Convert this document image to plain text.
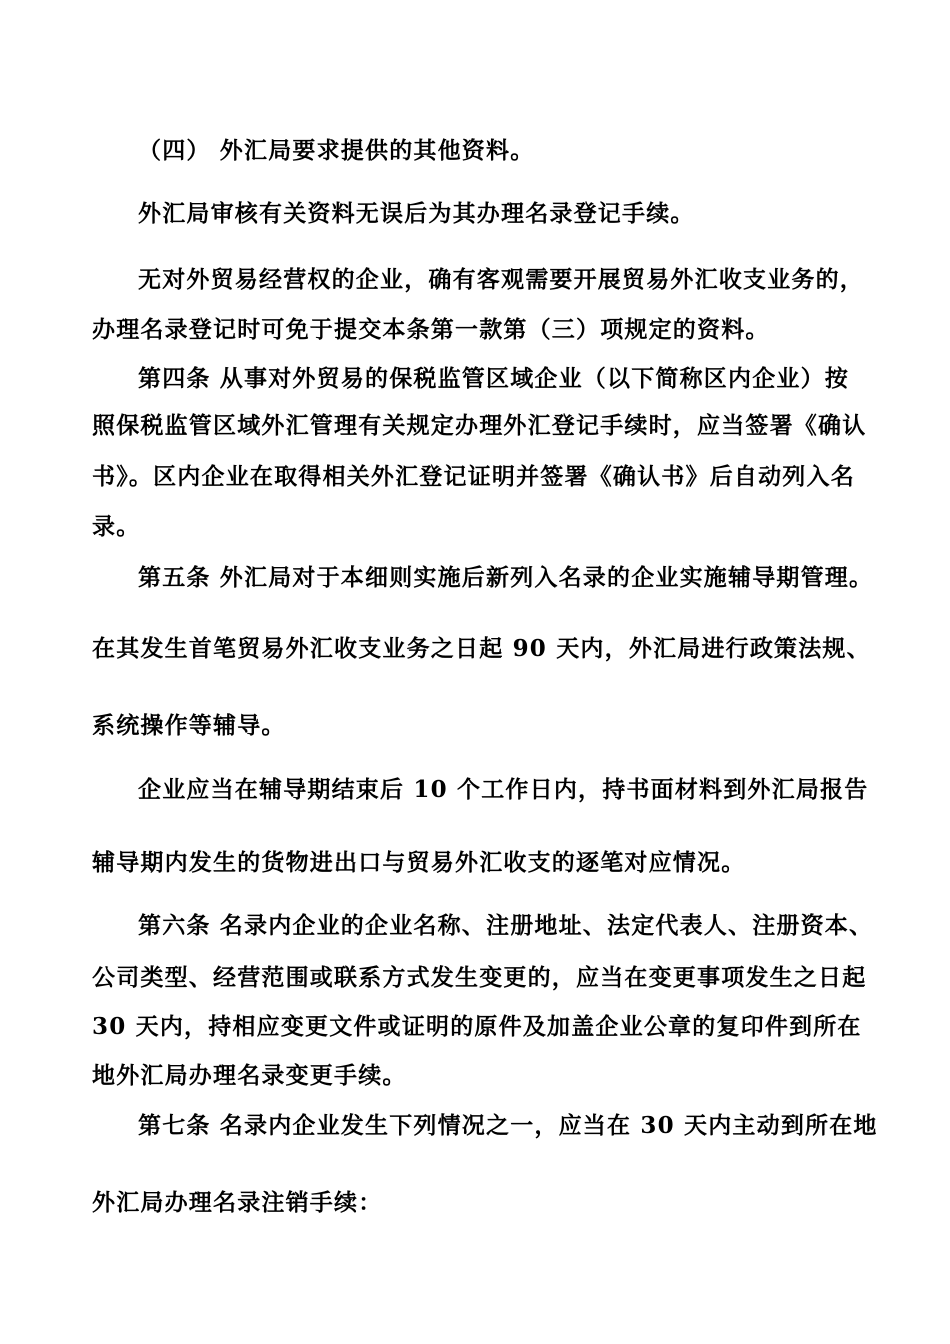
（四） 外汇局要求提供的其他资料。
外汇局审核有关资料无误后为其办理名录登记手续。
无对外贸易经营权的企业，确有客观需要开展贸易外汇收支业务的，
办理名录登记时可免于提交本条第一款第（三）项规定的资料。
第四条 从事对外贸易的保税监管区域企业（以下简称区内企业）按
照保税监管区域外汇管理有关规定办理外汇登记手续时，应当签署《确认
书》。区内企业在取得相关外汇登记证明并签署《确认书》后自动列入名
录。
第五条 外汇局对于本细则实施后新列入名录的企业实施辅导期管理。
在其发生首笔贸易外汇收支业务之日起 90 天内，外汇局进行政策法规、
系统操作等辅导。
企业应当在辅导期结束后 10 个工作日内，持书面材料到外汇局报告
辅导期内发生的货物进出口与贸易外汇收支的逐笔对应情况。
第六条 名录内企业的企业名称、注册地址、法定代表人、注册资本、
公司类型、经营范围或联系方式发生变更的，应当在变更事项发生之日起
30 天内，持相应变更文件或证明的原件及加盖企业公章的复印件到所在
地外汇局办理名录变更手续。
第七条 名录内企业发生下列情况之一，应当在 30 天内主动到所在地
外汇局办理名录注销手续：
